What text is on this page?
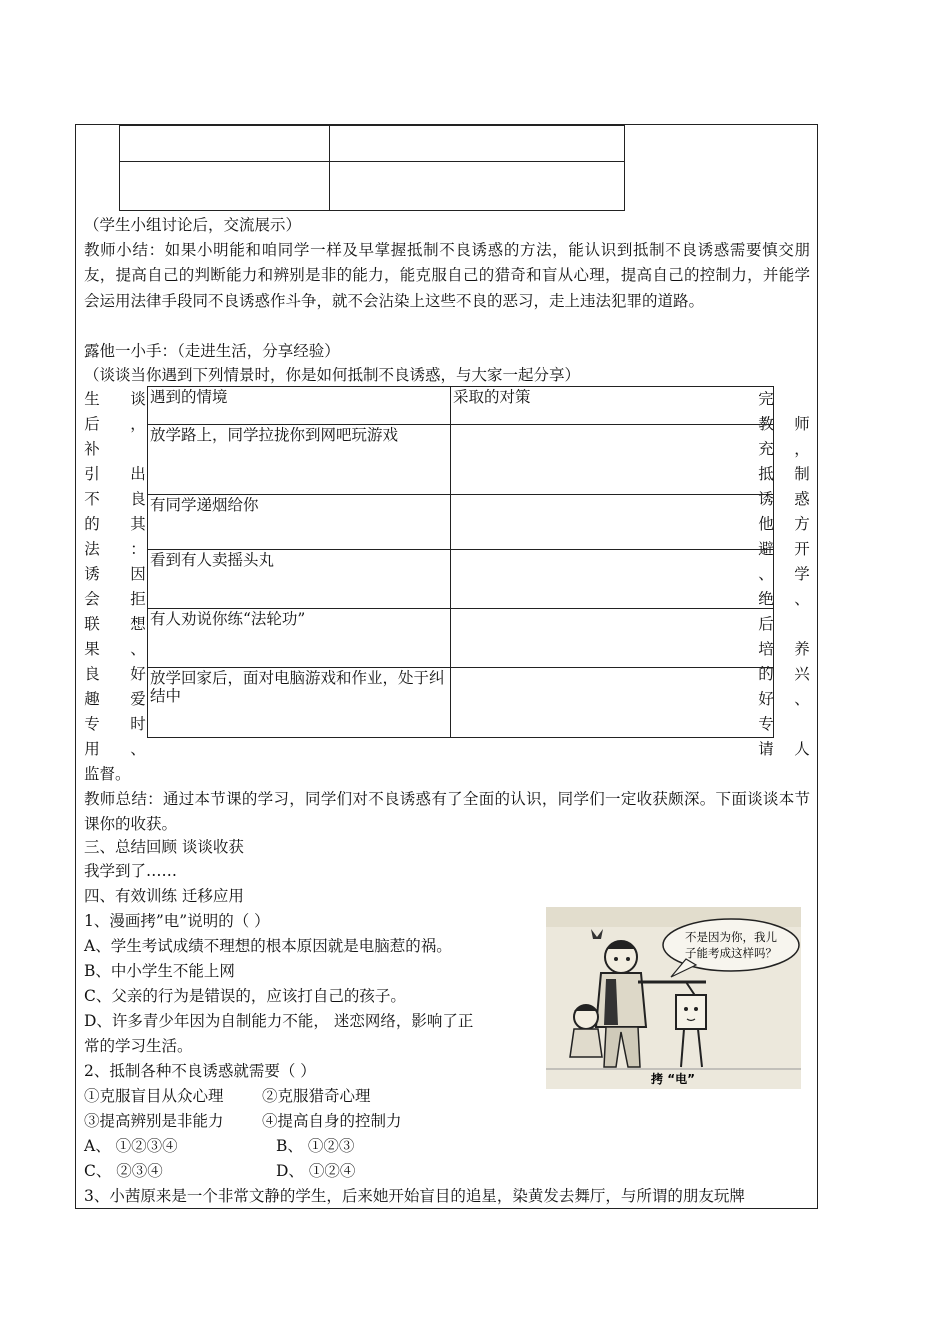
（学生小组讨论后，交流展示）
教师小结：如果小明能和咱同学一样及早掌握抵制不良诱惑的方法，能认识到抵制不良诱惑需要慎交朋友，提高自己的判断能力和辨别是非的能力，能克服自己的猎奇和盲从心理，提高自己的控制力，并能学会运用法律手段同不良诱惑作斗争，就不会沾染上这些不良的恶习，走上违法犯罪的道路。
露他一小手：（走进生活，分享经验）
（谈谈当你遇到下列情景时，你是如何抵制不良诱惑，与大家一起分享）
生 谈
后 ，
补
引 出
不 良
的 其
法 ：
诱 因
会 拒
联 想
果 、
良 好
趣 爱
专 时
用 、
完
教 师
充 ，
抵 制
诱 惑
他 方
避 开
、 学
绝 、
后
培 养
的 兴
好 、
专
请 人
遇到的情境	采取的对策
放学路上，同学拉拢你到网吧玩游戏	
有同学递烟给你	
看到有人卖摇头丸	
有人劝说你练“法轮功”	
放学回家后，面对电脑游戏和作业，处于纠结中	
监督。
教师总结：通过本节课的学习，同学们对不良诱惑有了全面的认识，同学们一定收获颇深。下面谈谈本节课你的收获。
三、总结回顾 谈谈收获
我学到了……
四、有效训练 迁移应用
1、漫画拷”电”说明的（ ）
A、学生考试成绩不理想的根本原因就是电脑惹的祸。
B、中小学生不能上网
C、父亲的行为是错误的，应该打自己的孩子。
D、许多青少年因为自制能力不能， 迷恋网络，影响了正
常的学习生活。
不是因为你，我儿
子能考成这样吗？
拷 “电”
2、抵制各种不良诱惑就需要（ ）
①克服盲目从众心理 ②克服猎奇心理
③提高辨别是非能力 ④提高自身的控制力
A、 ①②③④	B、 ①②③
C、 ②③④	D、 ①②④
3、小茜原来是一个非常文静的学生，后来她开始盲目的追星，染黄发去舞厅，与所谓的朋友玩牌
